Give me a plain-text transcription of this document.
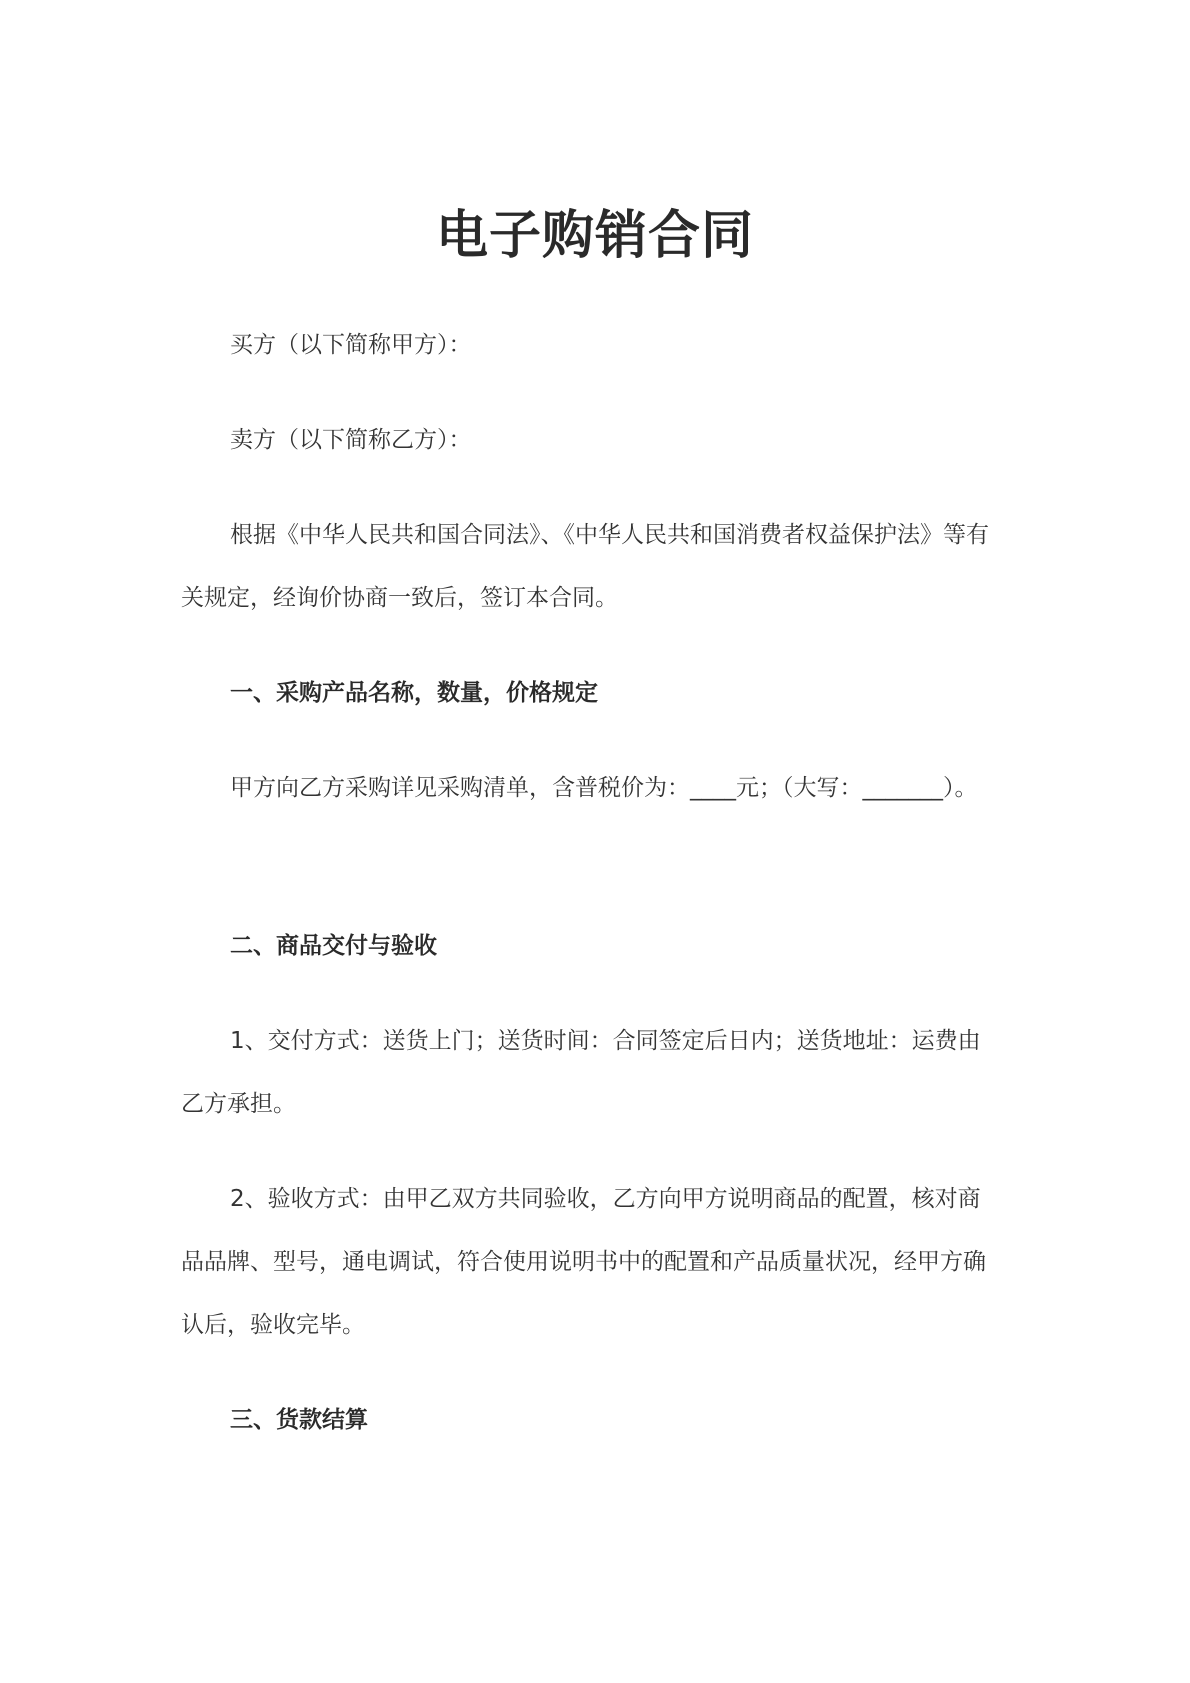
电子购销合同

买方（以下简称甲方）：

卖方（以下简称乙方）：

根据《中华人民共和国合同法》、《中华人民共和国消费者权益保护法》等有关规定，经询价协商一致后，签订本合同。

一、采购产品名称，数量，价格规定

甲方向乙方采购详见采购清单，含普税价为：____元；（大写：_______）。

二、商品交付与验收

1、交付方式：送货上门；送货时间：合同签定后日内；送货地址：运费由乙方承担。

2、验收方式：由甲乙双方共同验收，乙方向甲方说明商品的配置，核对商品品牌、型号，通电调试，符合使用说明书中的配置和产品质量状况，经甲方确认后，验收完毕。

三、货款结算
